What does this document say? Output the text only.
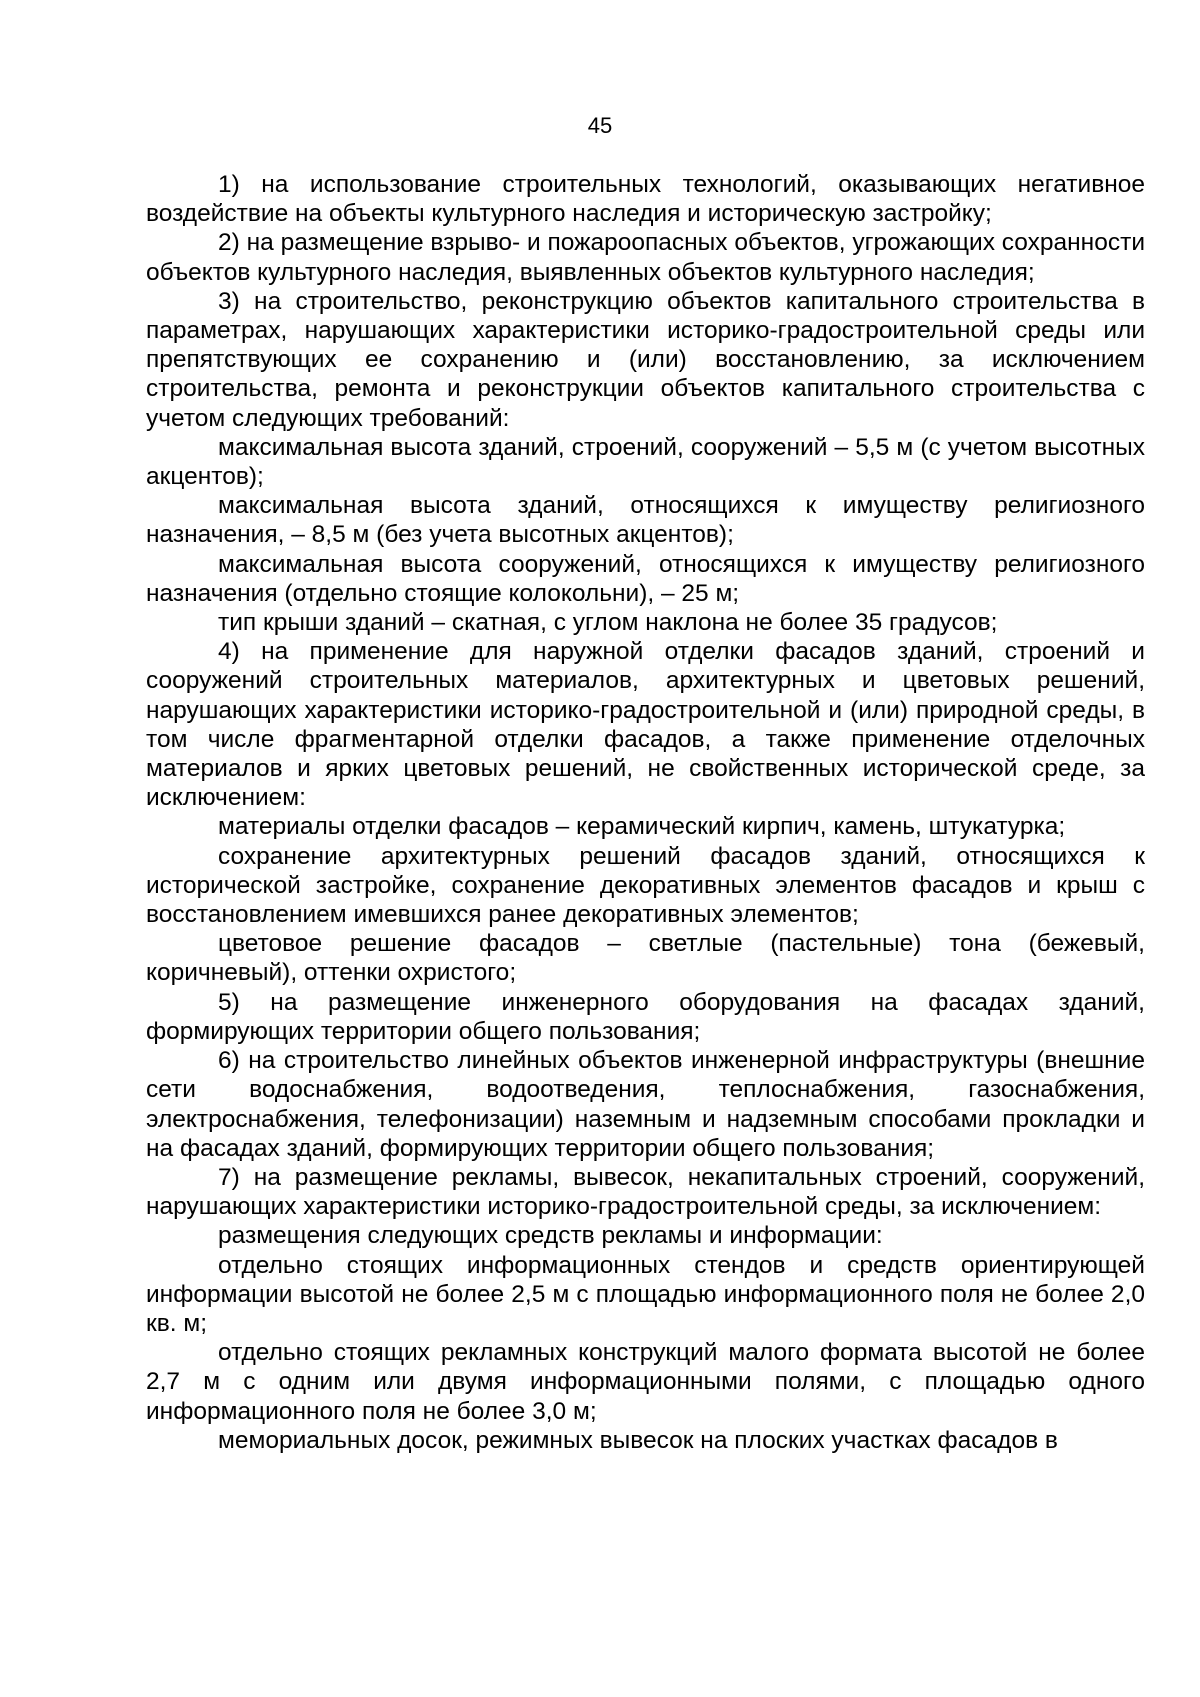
45

1) на использование строительных технологий, оказывающих негативное воздействие на объекты культурного наследия и историческую застройку;

2) на размещение взрыво- и пожароопасных объектов, угрожающих сохранности объектов культурного наследия, выявленных объектов культурного наследия;

3) на строительство, реконструкцию объектов капитального строительства в параметрах, нарушающих характеристики историко-градостроительной среды или препятствующих ее сохранению и (или) восстановлению, за исключением строительства, ремонта и реконструкции объектов капитального строительства с учетом следующих требований:

максимальная высота зданий, строений, сооружений – 5,5 м (с учетом высотных акцентов);

максимальная высота зданий, относящихся к имуществу религиозного назначения, – 8,5 м (без учета высотных акцентов);

максимальная высота сооружений, относящихся к имуществу религиозного назначения (отдельно стоящие колокольни), – 25 м;

тип крыши зданий – скатная, с углом наклона не более 35 градусов;

4) на применение для наружной отделки фасадов зданий, строений и сооружений строительных материалов, архитектурных и цветовых решений, нарушающих характеристики историко-градостроительной и (или) природной среды, в том числе фрагментарной отделки фасадов, а также применение отделочных материалов и ярких цветовых решений, не свойственных исторической среде, за исключением:

материалы отделки фасадов – керамический кирпич, камень, штукатурка;

сохранение архитектурных решений фасадов зданий, относящихся к исторической застройке, сохранение декоративных элементов фасадов и крыш с восстановлением имевшихся ранее декоративных элементов;

цветовое решение фасадов – светлые (пастельные) тона (бежевый, коричневый), оттенки охристого;

5) на размещение инженерного оборудования на фасадах зданий, формирующих территории общего пользования;

6) на строительство линейных объектов инженерной инфраструктуры (внешние сети водоснабжения, водоотведения, теплоснабжения, газоснабжения, электроснабжения, телефонизации) наземным и надземным способами прокладки и на фасадах зданий, формирующих территории общего пользования;

7) на размещение рекламы, вывесок, некапитальных строений, сооружений, нарушающих характеристики историко-градостроительной среды, за исключением:

размещения следующих средств рекламы и информации:

отдельно стоящих информационных стендов и средств ориентирующей информации высотой не более 2,5 м с площадью информационного поля не более 2,0 кв. м;

отдельно стоящих рекламных конструкций малого формата высотой не более 2,7 м с одним или двумя информационными полями, с площадью одного информационного поля не более 3,0 м;

мемориальных досок, режимных вывесок на плоских участках фасадов в
